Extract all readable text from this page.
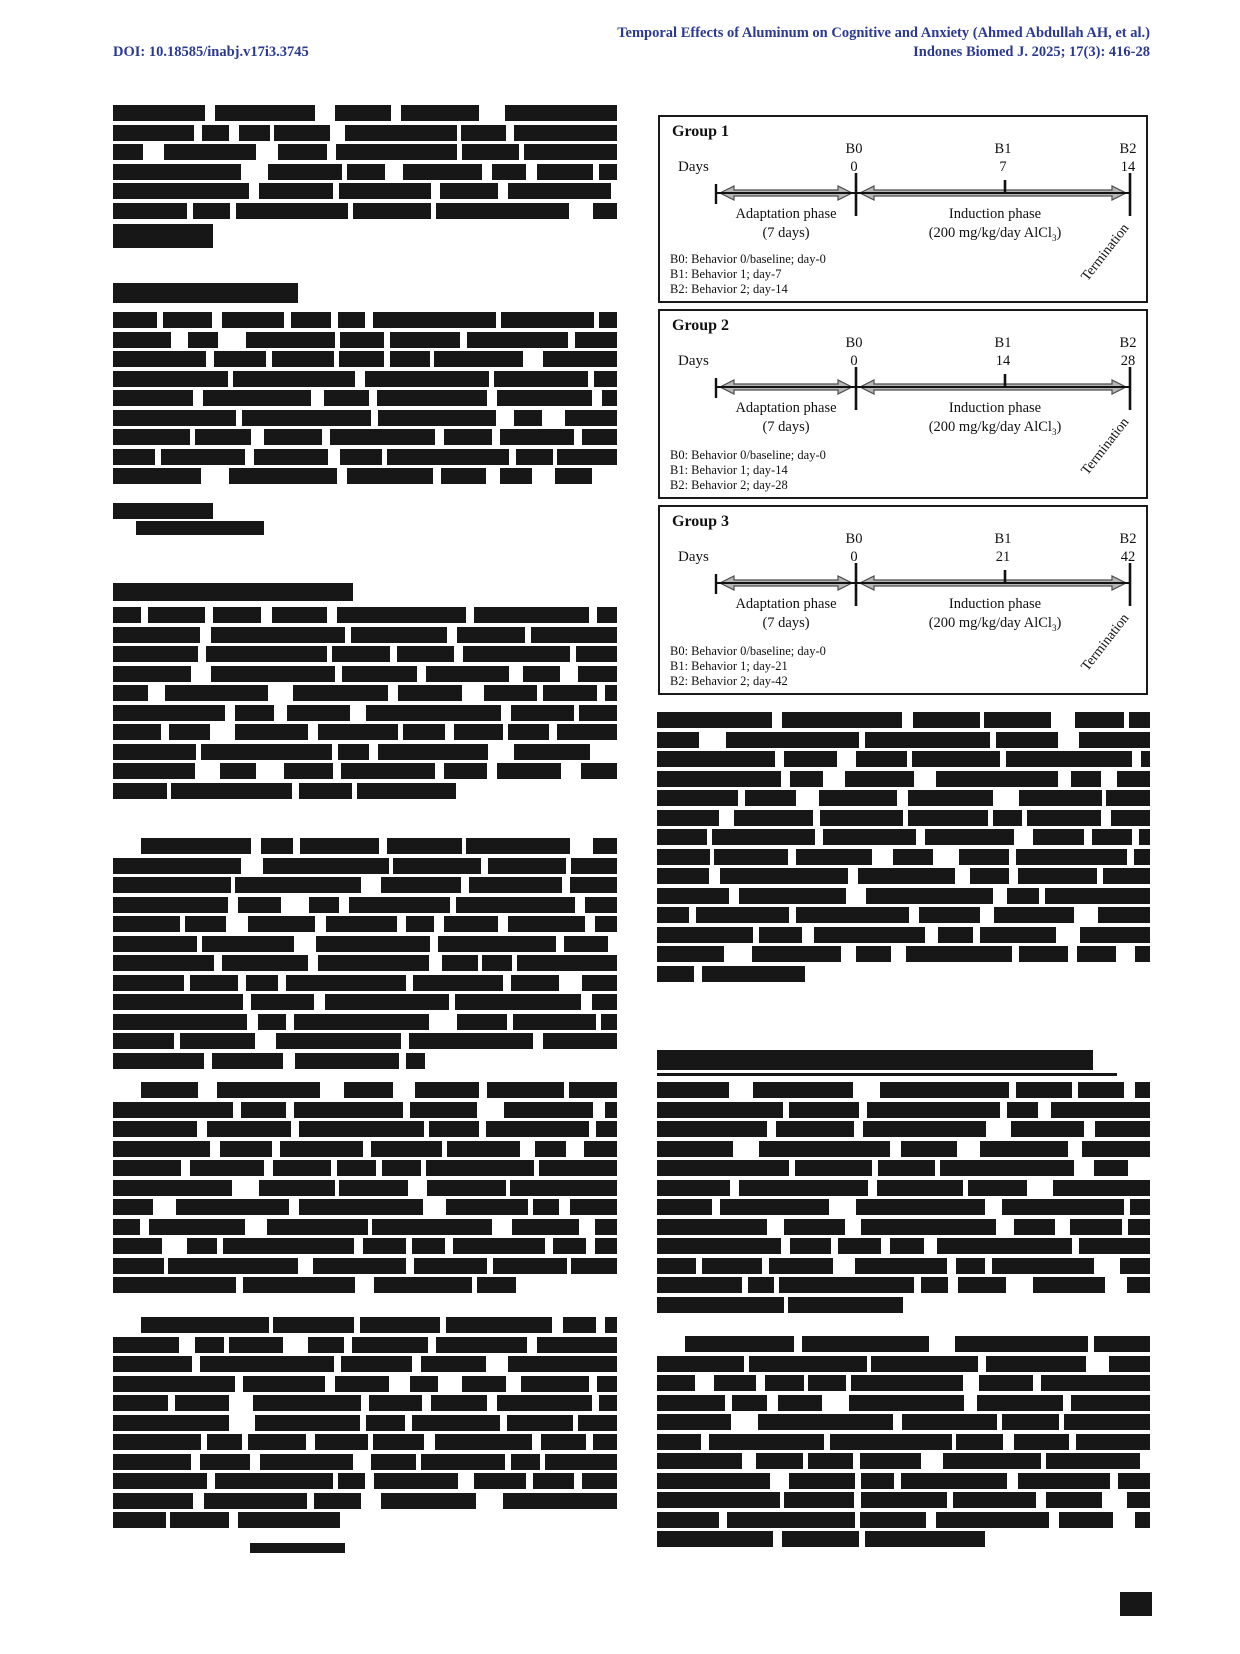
Temporal Effects of Aluminum on Cognitive and Anxiety (Ahmed Abdullah AH, et al.)
Indones Biomed J. 2025; 17(3): 416-28
DOI: 10.18585/inabj.v17i3.3745
Group 1
Days
B0	B1	B2
0	7	14
Adaptation phase
(7 days)
Induction phase
(200 mg/kg/day AlCl$_3$)	Termination
B0: Behavior 0/baseline; day-0
B1: Behavior 1; day-7
B2: Behavior 2; day-14
Group 2
Days
B0	B1	B2
0	14	28
Adaptation phase
(7 days)
Induction phase
(200 mg/kg/day AlCl$_3$)	Termination
B0: Behavior 0/baseline; day-0
B1: Behavior 1; day-14
B2: Behavior 2; day-28
Group 3
Days
B0	B1	B2
0	21	42
Adaptation phase
(7 days)
Induction phase
(200 mg/kg/day AlCl$_3$)	Termination
B0: Behavior 0/baseline; day-0
B1: Behavior 1; day-21
B2: Behavior 2; day-42
